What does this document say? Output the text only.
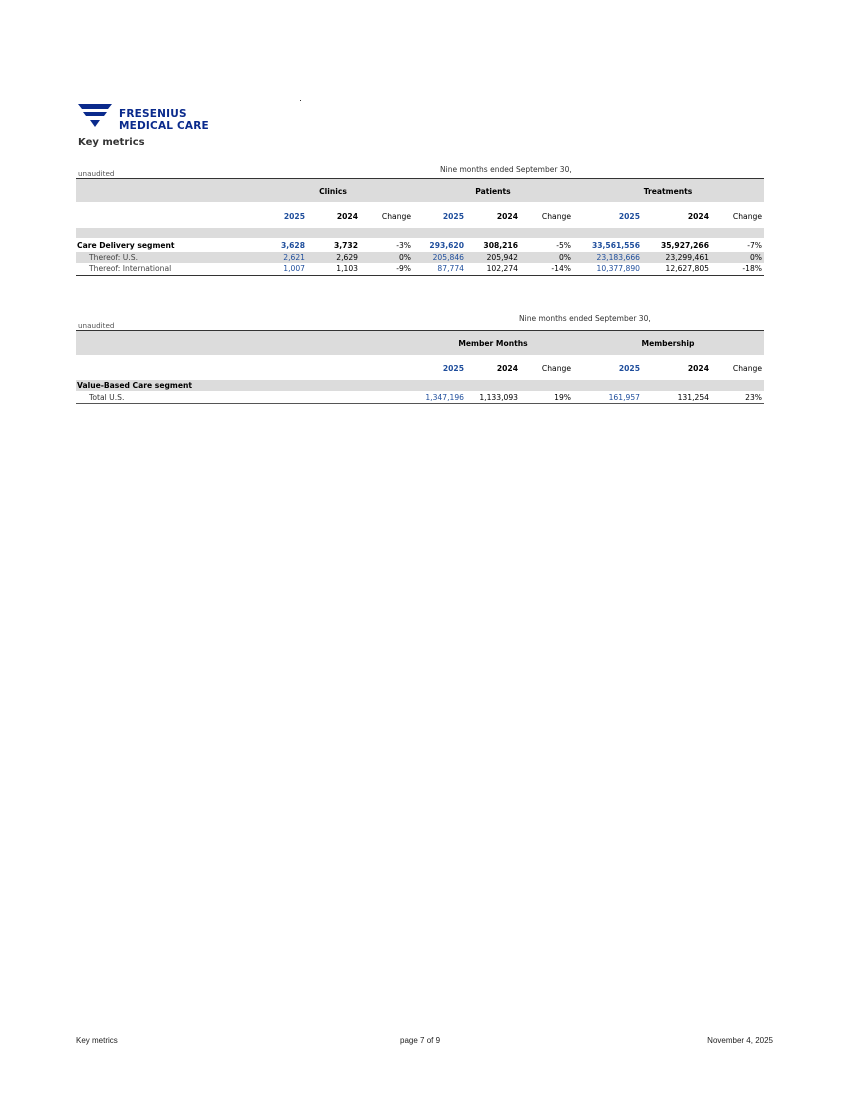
FRESENIUS
MEDICAL CARE
Key metrics
unaudited	Nine months ended September 30,
Clinics	Patients	Treatments
2025	2024	Change	2025	2024	Change	2025	2024	Change
Care Delivery segment	3,628	3,732	-3% 293,620	308,216	-5%	33,561,556	35,927,266	-7%
Thereof: U.S.	2,621	2,629	0%	205,846	205,942	0%	23,183,666	23,299,461	0%
Thereof: International	1,007	1,103	-9%	87,774	102,274	-14%	10,377,890	12,627,805	-18%
unaudited
Nine months ended September 30,
Member Months	Membership
2025	2024	Change	2025	2024	Change
Value-Based Care segment
Total U.S.	1,347,196 1,133,093	19%	161,957	131,254	23%
Key metrics	page 7 of 9	November 4, 2025
